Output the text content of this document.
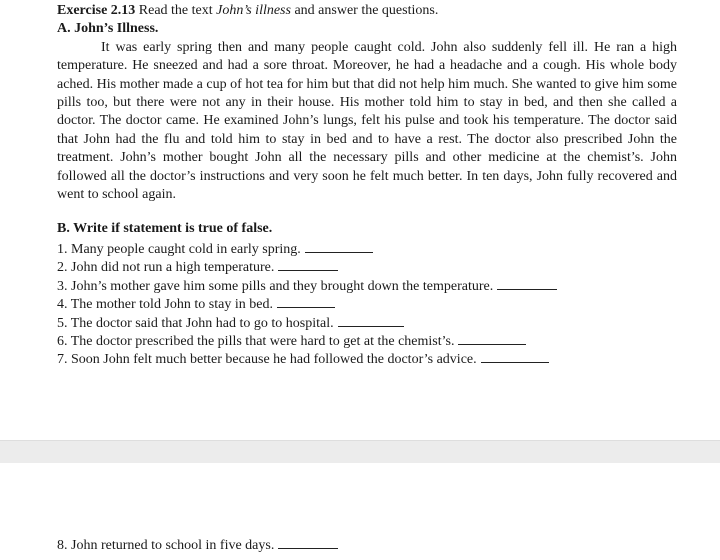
Exercise 2.13 Read the text John’s illness and answer the questions.

A. John’s Illness.

It was early spring then and many people caught cold. John also suddenly fell ill. He ran a high temperature. He sneezed and had a sore throat. Moreover, he had a headache and a cough. His whole body ached. His mother made a cup of hot tea for him but that did not help him much. She wanted to give him some pills too, but there were not any in their house. His mother told him to stay in bed, and then she called a doctor. The doctor came. He examined John’s lungs, felt his pulse and took his temperature. The doctor said that John had the flu and told him to stay in bed and to have a rest. The doctor also prescribed John the treatment. John’s mother bought John all the necessary pills and other medicine at the chemist’s. John followed all the doctor’s instructions and very soon he felt much better. In ten days, John fully recovered and went to school again.

B. Write if statement is true of false.

1. Many people caught cold in early spring.
2. John did not run a high temperature.
3. John’s mother gave him some pills and they brought down the temperature.
4. The mother told John to stay in bed.
5. The doctor said that John had to go to hospital.
6. The doctor prescribed the pills that were hard to get at the chemist’s.
7. Soon John felt much better because he had followed the doctor’s advice.
8. John returned to school in five days.
